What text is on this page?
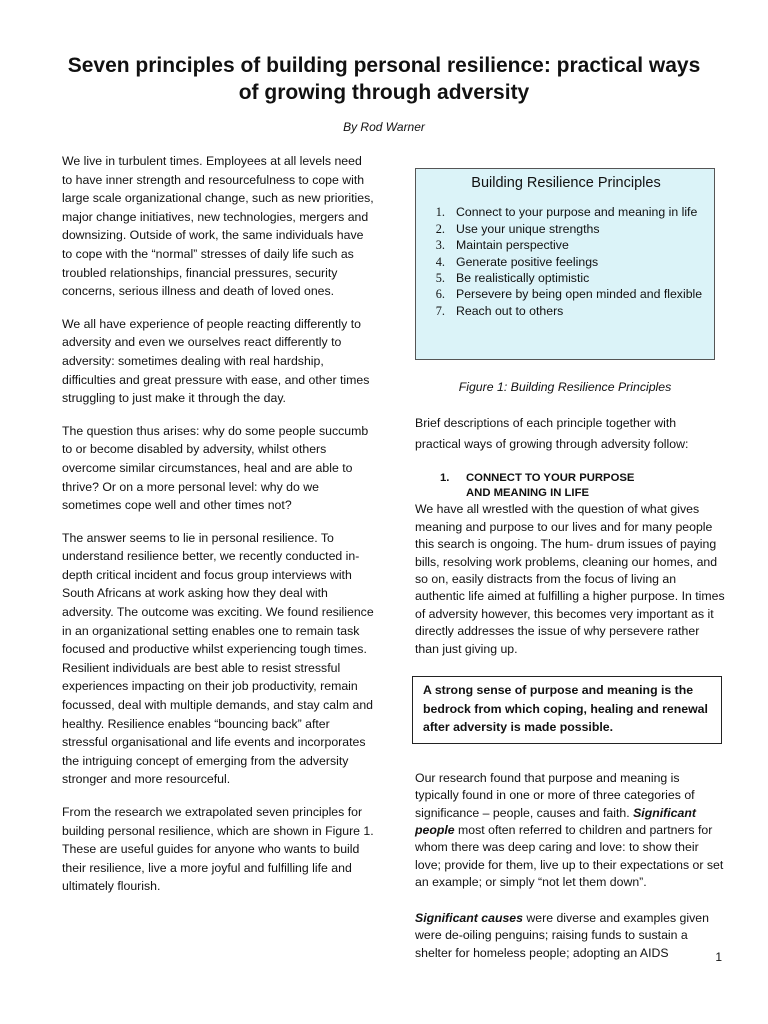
Seven principles of building personal resilience: practical ways of growing through adversity
By Rod Warner

We live in turbulent times. Employees at all levels need to have inner strength and resourcefulness to cope with large scale organizational change, such as new priorities, major change initiatives, new technologies, mergers and downsizing. Outside of work, the same individuals have to cope with the “normal” stresses of daily life such as troubled relationships, financial pressures, security concerns, serious illness and death of loved ones.

We all have experience of people reacting differently to adversity and even we ourselves react differently to adversity: sometimes dealing with real hardship, difficulties and great pressure with ease, and other times struggling to just make it through the day.

The question thus arises: why do some people succumb to or become disabled by adversity, whilst others overcome similar circumstances, heal and are able to thrive? Or on a more personal level: why do we sometimes cope well and other times not?

The answer seems to lie in personal resilience. To understand resilience better, we recently conducted in-depth critical incident and focus group interviews with South Africans at work asking how they deal with adversity. The outcome was exciting. We found resilience in an organizational setting enables one to remain task focused and productive whilst experiencing tough times. Resilient individuals are best able to resist stressful experiences impacting on their job productivity, remain focussed, deal with multiple demands, and stay calm and healthy. Resilience enables “bouncing back” after stressful organisational and life events and incorporates the intriguing concept of emerging from the adversity stronger and more resourceful.

From the research we extrapolated seven principles for building personal resilience, which are shown in Figure 1. These are useful guides for anyone who wants to build their resilience, live a more joyful and fulfilling life and ultimately flourish.

Building Resilience Principles
1. Connect to your purpose and meaning in life
2. Use your unique strengths
3. Maintain perspective
4. Generate positive feelings
5. Be realistically optimistic
6. Persevere by being open minded and flexible
7. Reach out to others
Figure 1: Building Resilience Principles

Brief descriptions of each principle together with practical ways of growing through adversity follow:

1.	CONNECT TO YOUR PURPOSE AND MEANING IN LIFE

We have all wrestled with the question of what gives meaning and purpose to our lives and for many people this search is ongoing. The hum- drum issues of paying bills, resolving work problems, cleaning our homes, and so on, easily distracts from the focus of living an authentic life aimed at fulfilling a higher purpose. In times of adversity however, this becomes very important as it directly addresses the issue of why persevere rather than just giving up.

A strong sense of purpose and meaning is the bedrock from which coping, healing and renewal after adversity is made possible.

Our research found that purpose and meaning is typically found in one or more of three categories of significance – people, causes and faith. Significant people most often referred to children and partners for whom there was deep caring and love: to show their love; provide for them, live up to their expectations or set an example; or simply “not let them down”.

Significant causes were diverse and examples given were de-oiling penguins; raising funds to sustain a shelter for homeless people; adopting an AIDS	1
